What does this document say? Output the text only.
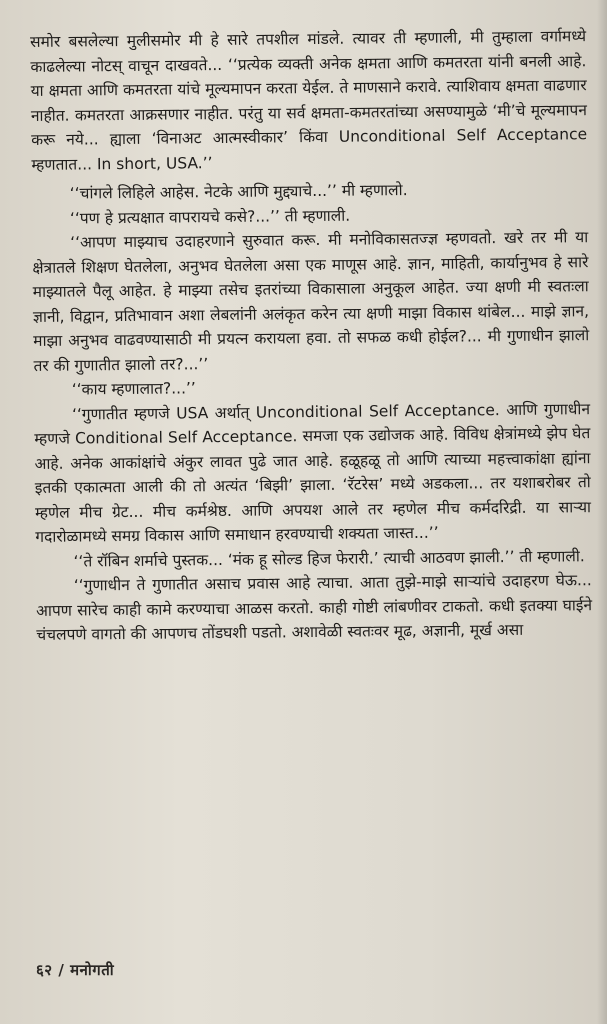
समोर बसलेल्या मुलीसमोर मी हे सारे तपशील मांडले. त्यावर ती म्हणाली, मी तुम्हाला वर्गामध्ये काढलेल्या नोटस् वाचून दाखवते... ‘‘प्रत्येक व्यक्ती अनेक क्षमता आणि कमतरता यांनी बनली आहे. या क्षमता आणि कमतरता यांचे मूल्यमापन करता येईल. ते माणसाने करावे. त्याशिवाय क्षमता वाढणार नाहीत. कमतरता आक्रसणार नाहीत. परंतु या सर्व क्षमता-कमतरतांच्या असण्यामुळे ‘मी’चे मूल्यमापन करू नये... ह्याला ‘विनाअट आत्मस्वीकार’ किंवा Unconditional Self Acceptance म्हणतात... In short, USA.’’

‘‘चांगले लिहिले आहेस. नेटके आणि मुद्द्याचे...’’ मी म्हणालो.

‘‘पण हे प्रत्यक्षात वापरायचे कसे?...’’ ती म्हणाली.

‘‘आपण माझ्याच उदाहरणाने सुरुवात करू. मी मनोविकासतज्ज्ञ म्हणवतो. खरे तर मी या क्षेत्रातले शिक्षण घेतलेला, अनुभव घेतलेला असा एक माणूस आहे. ज्ञान, माहिती, कार्यानुभव हे सारे माझ्यातले पैलू आहेत. हे माझ्या तसेच इतरांच्या विकासाला अनुकूल आहेत. ज्या क्षणी मी स्वतःला ज्ञानी, विद्वान, प्रतिभावान अशा लेबलांनी अलंकृत करेन त्या क्षणी माझा विकास थांबेल... माझे ज्ञान, माझा अनुभव वाढवण्यासाठी मी प्रयत्न करायला हवा. तो सफळ कधी होईल?... मी गुणाधीन झालो तर की गुणातीत झालो तर?...’’

‘‘काय म्हणालात?...’’

‘‘गुणातीत म्हणजे USA अर्थात् Unconditional Self Acceptance. आणि गुणाधीन म्हणजे Conditional Self Acceptance. समजा एक उद्योजक आहे. विविध क्षेत्रांमध्ये झेप घेत आहे. अनेक आकांक्षांचे अंकुर लावत पुढे जात आहे. हळूहळू तो आणि त्याच्या महत्त्वाकांक्षा ह्यांना इतकी एकात्मता आली की तो अत्यंत ‘बिझी’ झाला. ‘रॅटरेस’ मध्ये अडकला... तर यशाबरोबर तो म्हणेल मीच ग्रेट... मीच कर्मश्रेष्ठ. आणि अपयश आले तर म्हणेल मीच कर्मदरिद्री. या साऱ्या गदारोळामध्ये समग्र विकास आणि समाधान हरवण्याची शक्यता जास्त...’’

‘‘ते रॉबिन शर्माचे पुस्तक... ‘मंक हू सोल्ड हिज फेरारी.’ त्याची आठवण झाली.’’ ती म्हणाली.

‘‘गुणाधीन ते गुणातीत असाच प्रवास आहे त्याचा. आता तुझे-माझे साऱ्यांचे उदाहरण घेऊ... आपण सारेच काही कामे करण्याचा आळस करतो. काही गोष्टी लांबणीवर टाकतो. कधी इतक्या घाईने चंचलपणे वागतो की आपणच तोंडघशी पडतो. अशावेळी स्वतःवर मूढ, अज्ञानी, मूर्ख असा

६२ / मनोगती
